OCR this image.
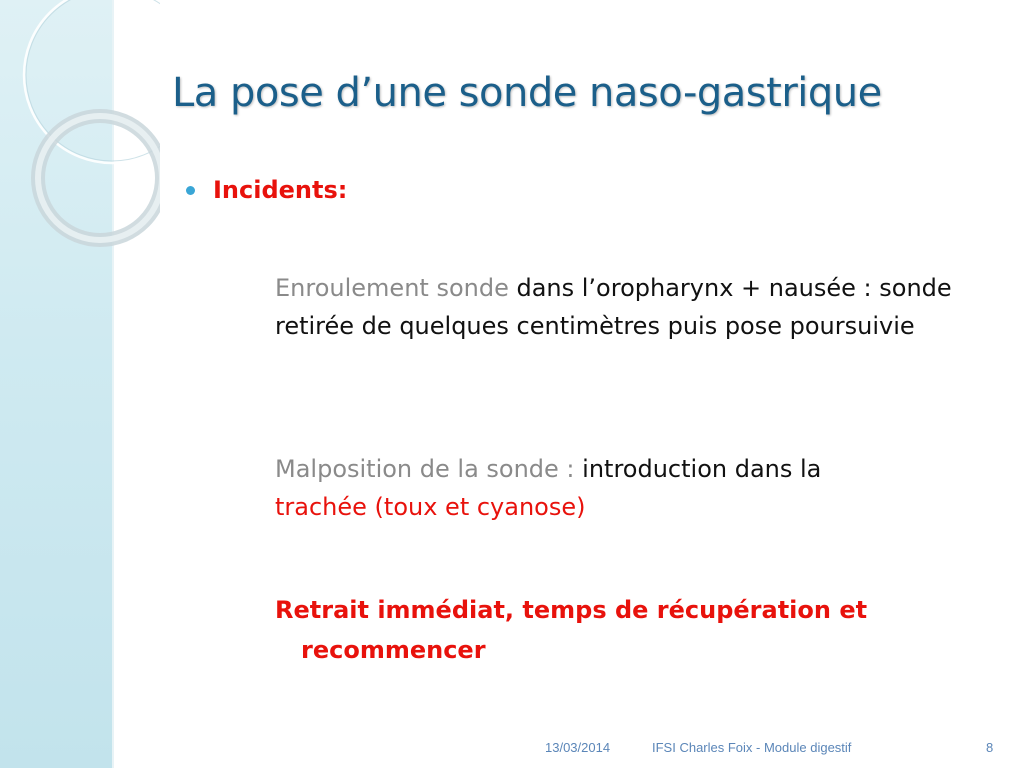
La pose d’une sonde naso-gastrique
Incidents:

Enroulement sonde dans l’oropharynx + nausée : sonde retirée de quelques centimètres puis pose poursuivie

Malposition de la sonde : introduction dans la trachée (toux et cyanose)

Retrait immédiat, temps de récupération et
recommencer
13/03/2014	IFSI Charles Foix - Module digestif	8
